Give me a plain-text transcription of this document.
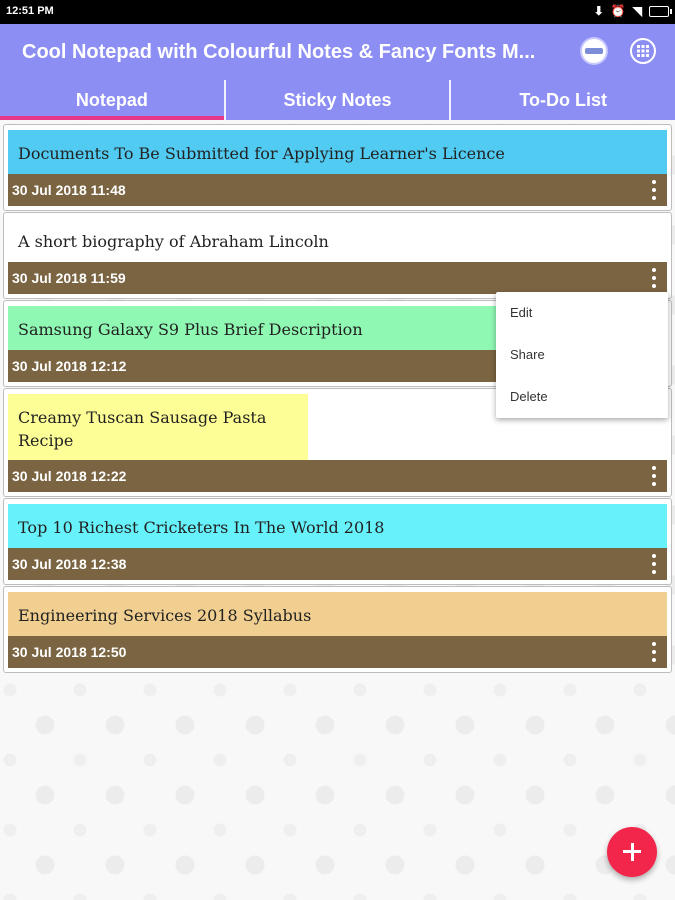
12:51 PM	⬇ ⏰ ◥
Cool Notepad with Colourful Notes & Fancy Fonts M...
Notepad	Sticky Notes	To-Do List
Documents To Be Submitted for Applying Learner's Licence
30 Jul 2018 11:48
A short biography of Abraham Lincoln
30 Jul 2018 11:59
Samsung Galaxy S9 Plus Brief Description
30 Jul 2018 12:12
Creamy Tuscan Sausage Pasta Recipe
30 Jul 2018 12:22
Top 10 Richest Cricketers In The World 2018
30 Jul 2018 12:38
Engineering Services 2018 Syllabus
30 Jul 2018 12:50
Edit
Share
Delete
